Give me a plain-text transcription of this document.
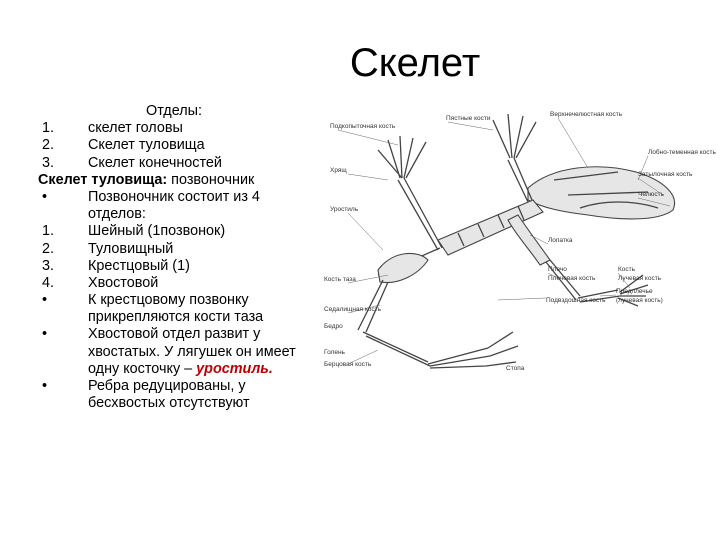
Скелет
Отделы:
1. скелет головы
2. Скелет туловища
3. Скелет конечностей
Скелет туловища: позвоночник
•	Позвоночник состоит из 4
отделов:
1. Шейный (1позвонок)
2. Туловищный
3. Крестцовый (1)
4. Хвостовой
•	К крестцовому позвонку
прикрепляются кости таза
•	Хвостовой отдел развит у
хвостатых. У лягушек он имеет
одну косточку – уростиль.
•	Ребра редуцированы, у
бесхвостых отсутствуют
Подкопыточная кость
Пястные кости
Верхнечелюстная кость
Лобно-теменная кость
Затылочная кость
Челюсть
Хрящ
Уростиль
Кость таза
Седалищная кость
Бедро
Голень
Берцовая кость
Лопатка
Плечо
Плечевая кость
Подвздошная кость
Кость
Лучевая кость
Предплечье
(лучевая кость)
Стопа
